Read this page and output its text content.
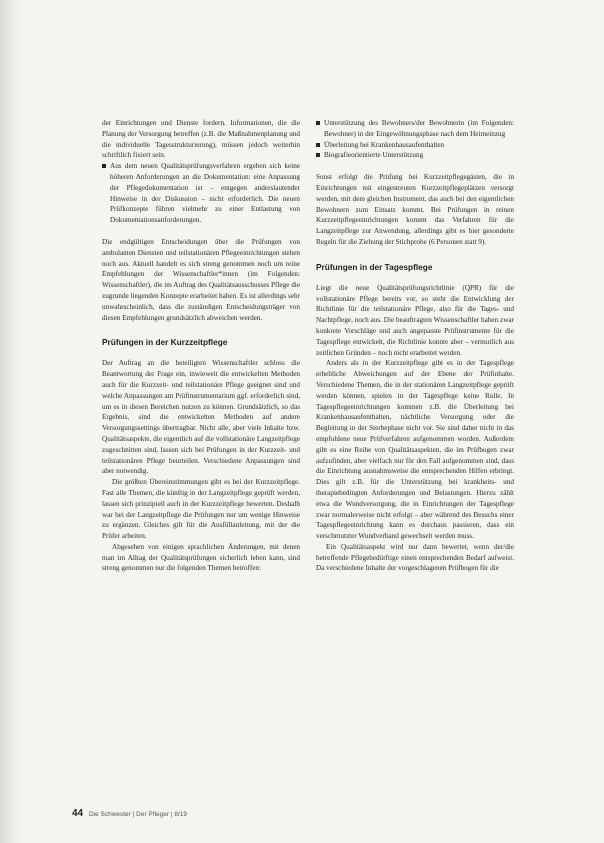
der Einrichtungen und Dienste fordern. Informationen, die die Planung der Versorgung betreffen (z.B. die Maßnahmenplanung und die individuelle Tagesstrukturierung), müssen jedoch weiterhin schriftlich fixiert sein.

Aus dem neuen Qualitätsprüfungsverfahren ergeben sich keine höheren Anforderungen an die Dokumentation: eine Anpassung der Pflegedokumentation ist – entgegen anderslautender Hinweise in der Diskussion – nicht erforderlich. Die neuen Prüfkonzepte führen vielmehr zu einer Entlastung von Dokumentationsanforderungen.

Die endgültigen Entscheidungen über die Prüfungen von ambulanten Diensten und teilstationären Pflegeeinrichtungen stehen noch aus. Aktuell handelt es sich streng genommen noch um reine Empfehlungen der Wissenschaftler*innen (im Folgenden: Wissenschaftler), die im Auftrag des Qualitätsausschusses Pflege die zugrunde liegenden Konzepte erarbeitet haben. Es ist allerdings sehr unwahrscheinlich, dass die zuständigen Entscheidungsträger von diesen Empfehlungen grundsätzlich abweichen werden.

Prüfungen in der Kurzzeitpflege

Der Auftrag an die beteiligten Wissenschaftler schloss die Beantwortung der Frage ein, inwieweit die entwickelten Methoden auch für die Kurzzeit- und teilstationäre Pflege geeignet sind und welche Anpassungen am Prüfinstrumentarium ggf. erforderlich sind, um es in diesen Bereichen nutzen zu können. Grundsätzlich, so das Ergebnis, sind die entwickelten Methoden auf andere Versorgungssettings übertragbar. Nicht alle, aber viele Inhalte bzw. Qualitätsaspekte, die eigentlich auf die vollstationäre Langzeitpflege zugeschnitten sind, lassen sich bei Prüfungen in der Kurzzeit- und teilstationären Pflege beurteilen. Verschiedene Anpassungen sind aber notwendig.

Die größten Übereinstimmungen gibt es bei der Kurzzeitpflege. Fast alle Themen, die künftig in der Langzeitpflege geprüft werden, lassen sich prinzipiell auch in der Kurzzeitpflege bewerten. Deshalb war bei der Langzeitpflege die Prüfungen nur um wenige Hinweise zu ergänzen. Gleiches gilt für die Ausfüllanleitung, mit der die Prüfer arbeiten.

Abgesehen von einigen sprachlichen Änderungen, mit denen man im Alltag der Qualitätsprüfungen sicherlich leben kann, sind streng genommen nur die folgenden Themen betroffen:

Unterstützung des Bewohners/der Bewohnerin (im Folgenden: Bewohner) in der Eingewöhnungsphase nach dem Heimeinzug
Überleitung bei Krankenhausaufenthalten
Biografieorientierte Unterstützung

Sonst erfolgt die Prüfung bei Kurzzeitpflegegästen, die in Einrichtungen mit eingestreuten Kurzzeitpflegeplätzen versorgt werden, mit dem gleichen Instrument, das auch bei den eigentlichen Bewohnern zum Einsatz kommt. Bei Prüfungen in reinen Kurzzeitpflegeeinrichtungen kommt das Verfahren für die Langzeitpflege zur Anwendung, allerdings gibt es hier gesonderte Regeln für die Ziehung der Stichprobe (6 Personen statt 9).

Prüfungen in der Tagespflege

Liegt die neue Qualitätsprüfungsrichtlinie (QPR) für die vollstationäre Pflege bereits vor, so steht die Entwicklung der Richtlinie für die teilstationäre Pflege, also für die Tages- und Nachtpflege, noch aus. Die beauftragten Wissenschaftler haben zwar konkrete Vorschläge und auch angepasste Prüfinstrumente für die Tagespflege entwickelt, die Richtlinie konnte aber – vermutlich aus zeitlichen Gründen – noch nicht erarbeitet werden.

Anders als in der Kurzzeitpflege gibt es in der Tagespflege erhebliche Abweichungen auf der Ebene der Prüfinhalte. Verschiedene Themen, die in der stationären Langzeitpflege geprüft werden können, spielen in der Tagespflege keine Rolle. In Tagespflegeeinrichtungen kommen z.B. die Überleitung bei Krankenhausaufenthalten, nächtliche Versorgung oder die Begleitung in der Sterbephase nicht vor. Sie sind daher nicht in das empfohlene neue Prüfverfahren aufgenommen worden. Außerdem gibt es eine Reihe von Qualitätsaspekten, die im Prüfbogen zwar aufzufinden, aber vielfach nur für den Fall aufgenommen sind, dass die Einrichtung ausnahmsweise die entsprechenden Hilfen erbringt. Dies gilt z.B. für die Unterstützung bei krankheits- und therapiebedingten Anforderungen und Belastungen. Hierzu zählt etwa die Wundversorgung, die in Einrichtungen der Tagespflege zwar normalerweise nicht erfolgt – aber während des Besuchs einer Tagespflegeeinrichtung kann es durchaus passieren, dass ein verschmutzter Wundverband gewechselt werden muss.

Ein Qualitätsaspekt wird nur dann bewertet, wenn der/die betreffende Pflegebedürftige einen entsprechenden Bedarf aufweist. Da verschiedene Inhalte der vorgeschlagenen Prüfbogen für die

44 Die Schwester | Der Pfleger | 8/19
